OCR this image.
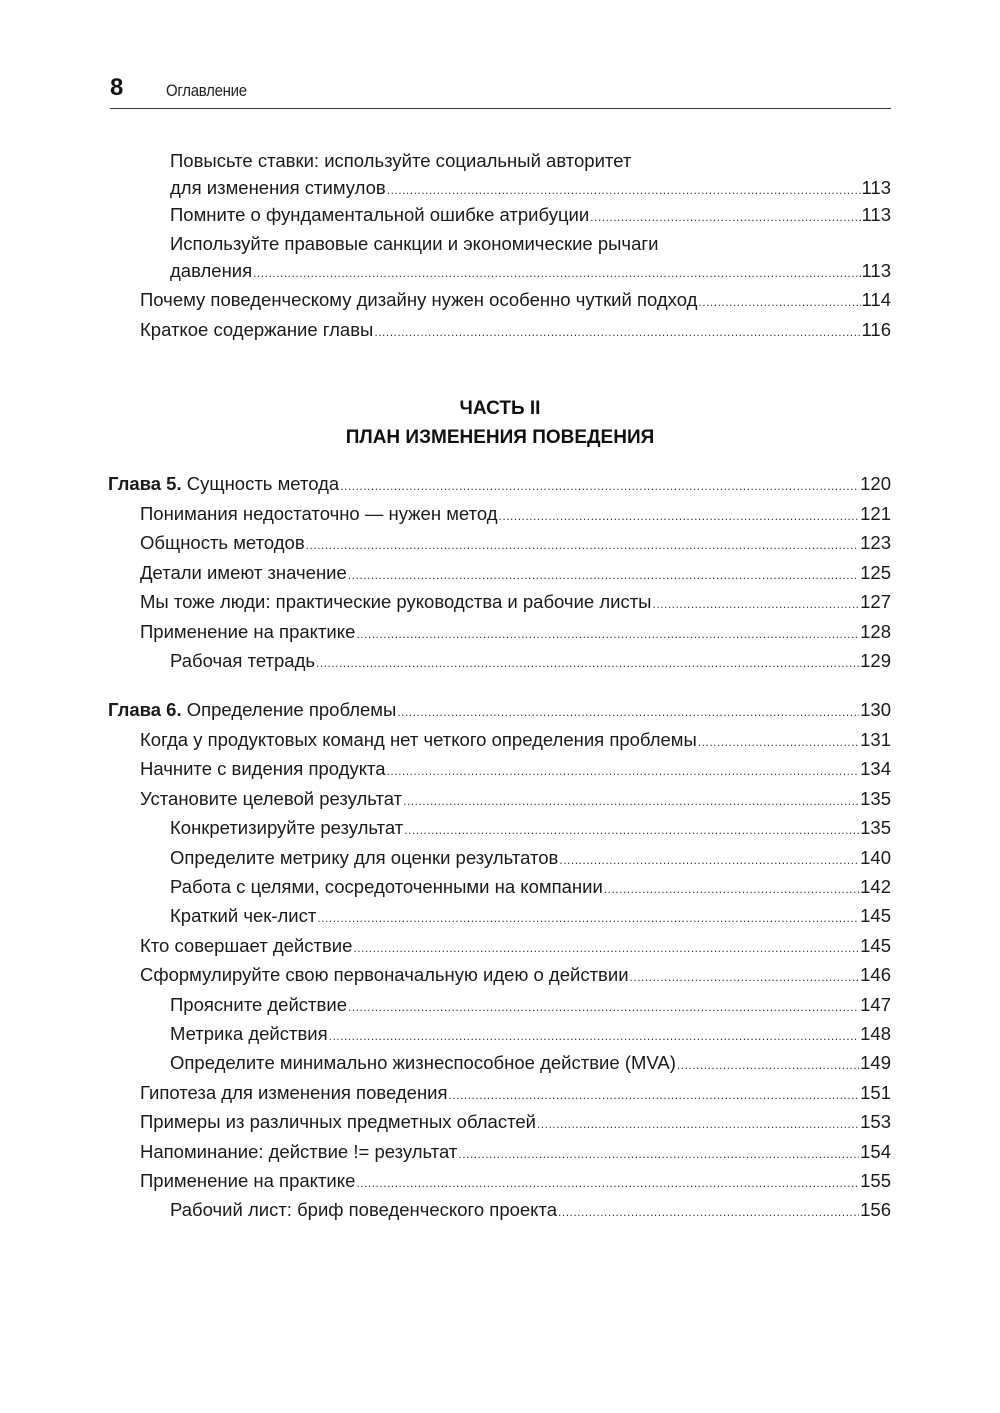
8	Оглавление
Повысьте ставки: используйте социальный авторитет
для изменения стимулов .....	113
Помните о фундаментальной ошибке атрибуции .....	113
Используйте правовые санкции и экономические рычаги
давления .....	113
Почему поведенческому дизайну нужен особенно чуткий подход .....	114
Краткое содержание главы .....	116
Глава 5. Сущность метода .....	120
Понимания недостаточно — нужен метод .....	121
Общность методов .....	123
Детали имеют значение .....	125
Мы тоже люди: практические руководства и рабочие листы .....	127
Применение на практике .....	128
Рабочая тетрадь .....	129
Глава 6. Определение проблемы .....	130
Когда у продуктовых команд нет четкого определения проблемы .....	131
Начните с видения продукта .....	134
Установите целевой результат .....	135
Конкретизируйте результат .....	135
Определите метрику для оценки результатов .....	140
Работа с целями, сосредоточенными на компании .....	142
Краткий чек-лист .....	145
Кто совершает действие .....	145
Сформулируйте свою первоначальную идею о действии .....	146
Проясните действие .....	147
Метрика действия .....	148
Определите минимально жизнеспособное действие (MVA) .....	149
Гипотеза для изменения поведения .....	151
Примеры из различных предметных областей .....	153
Напоминание: действие != результат .....	154
Применение на практике .....	155
Рабочий лист: бриф поведенческого проекта .....	156
ЧАСТЬ II
ПЛАН ИЗМЕНЕНИЯ ПОВЕДЕНИЯ
